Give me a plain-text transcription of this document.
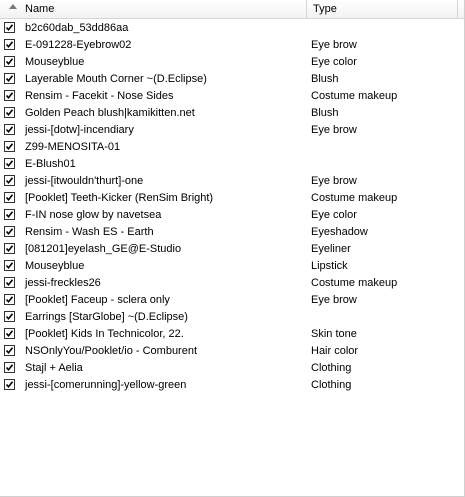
Name	Type
b2c60dab_53dd86aa
E-091228-Eyebrow02	Eye brow
Mouseyblue	Eye color
Layerable Mouth Corner ~(D.Eclipse)	Blush
Rensim - Facekit - Nose Sides	Costume makeup
Golden Peach blush|kamikitten.net	Blush
jessi-[dotw]-incendiary	Eye brow
Z99-MENOSITA-01
E-Blush01
jessi-[itwouldn'thurt]-one	Eye brow
[Pooklet] Teeth-Kicker (RenSim Bright)	Costume makeup
F-IN nose glow by navetsea	Eye color
Rensim - Wash ES - Earth	Eyeshadow
[081201]eyelash_GE@E-Studio	Eyeliner
Mouseyblue	Lipstick
jessi-freckles26	Costume makeup
[Pooklet] Faceup - sclera only	Eye brow
Earrings [StarGlobe] ~(D.Eclipse)
[Pooklet] Kids In Technicolor, 22.	Skin tone
NSOnlyYou/Pooklet/io - Comburent	Hair color
Stajl + Aelia	Clothing
jessi-[comerunning]-yellow-green	Clothing
